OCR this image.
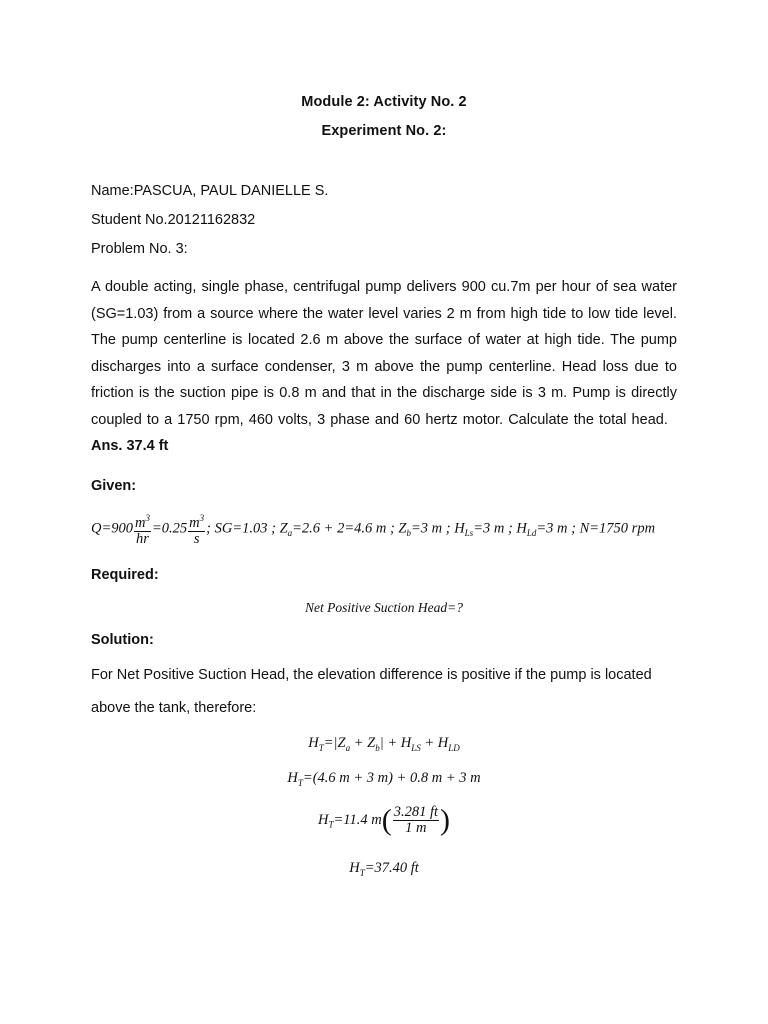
Module 2: Activity No. 2
Experiment No. 2:
Name:PASCUA, PAUL DANIELLE S.
Student No.20121162832
Problem No. 3:
A double acting, single phase, centrifugal pump delivers 900 cu.7m per hour of sea water (SG=1.03) from a source where the water level varies 2 m from high tide to low tide level. The pump centerline is located 2.6 m above the surface of water at high tide. The pump discharges into a surface condenser, 3 m above the pump centerline. Head loss due to friction is the suction pipe is 0.8 m and that in the discharge side is 3 m. Pump is directly coupled to a 1750 rpm, 460 volts, 3 phase and 60 hertz motor. Calculate the total head.   Ans. 37.4 ft
Given:
$Q=900 \frac{m^3}{hr} =0.25 \frac{m^3}{s}$ ; SG=1.03 ; $Z_a=2.6 + 2=4.6$ m ; $Z_b=3$ m ; $H_{Ls}=3$ m ; $H_{Ld}=3$ m ; N=1750 rpm
Required:
Net Positive Suction Head=?
Solution:
For Net Positive Suction Head, the elevation difference is positive if the pump is located
above the tank, therefore:
$H_T=|Z_a + Z_b| + H_{LS} + H_{LD}$
$H_T=(4.6$ m + 3 m) + 0.8 m + 3 m
$H_T=11.4$ $m( \frac{3.281 ft}{1 m}$ )
$H_T=37.40$ ft
